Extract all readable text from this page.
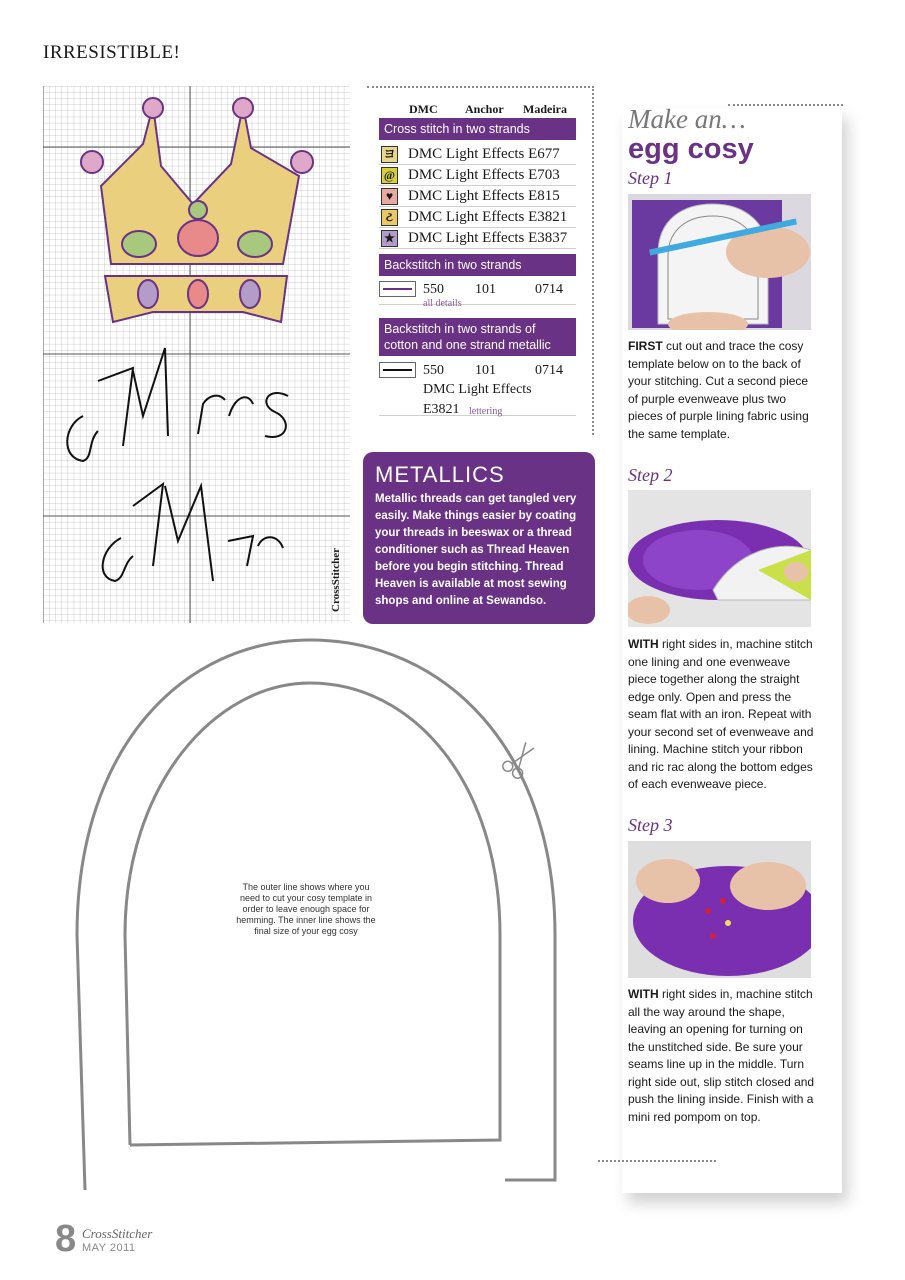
IRRESISTIBLE!
CrossStitcher
DMC Anchor Madeira
Cross stitch in two strands
ヨ DMC Light Effects E677
@ DMC Light Effects E703
♥ DMC Light Effects E815
ટ	DMC Light Effects E3821
★ DMC Light Effects E3837
Backstitch in two strands
550 101	0714
all details
Backstitch in two strands of cotton and one strand metallic
550 101	0714
DMC Light Effects
E3821 lettering
METALLICS

Metallic threads can get tangled very easily. Make things easier by coating your threads in beeswax or a thread conditioner such as Thread Heaven before you begin stitching. Thread Heaven is available at most sewing shops and online at Sewandso.

The outer line shows where you need to cut your cosy template in order to leave enough space for hemming. The inner line shows the final size of your egg cosy
Make an…
egg cosy
Step 1
FIRST cut out and trace the cosy template below on to the back of your stitching. Cut a second piece of purple evenweave plus two pieces of purple lining fabric using the same template.
Step 2
WITH right sides in, machine stitch one lining and one evenweave piece together along the straight edge only. Open and press the seam flat with an iron. Repeat with your second set of evenweave and lining. Machine stitch your ribbon and ric rac along the bottom edges of each evenweave piece.
Step 3
WITH right sides in, machine stitch all the way around the shape, leaving an opening for turning on the unstitched side. Be sure your seams line up in the middle. Turn right side out, slip stitch closed and push the lining inside. Finish with a mini red pompom on top.
8 CrossStitcher
MAY 2011
